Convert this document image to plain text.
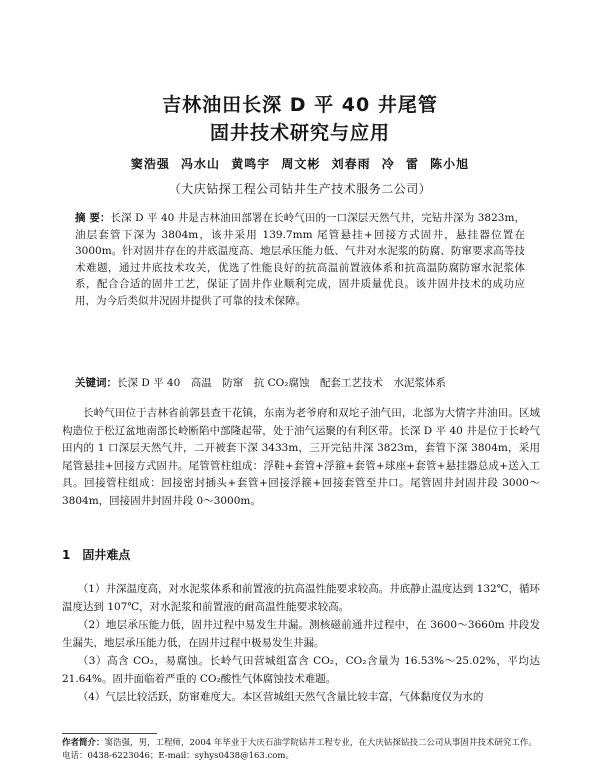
吉林油田长深 D 平 40 井尾管
固井技术研究与应用
窦浩强 冯水山 黄鸣宇 周文彬 刘春雨 冷 雷 陈小旭
（大庆钻探工程公司钻井生产技术服务二公司）
摘 要：长深 D 平 40 井是吉林油田部署在长岭气田的一口深层天然气井，完钻井深为 3823m，油层套管下深为 3804m，该井采用 139.7mm 尾管悬挂+回接方式固井，悬挂器位置在 3000m。针对固井存在的井底温度高、地层承压能力低、气井对水泥浆的防腐、防窜要求高等技术难题，通过井底技术攻关，优选了性能良好的抗高温前置液体系和抗高温防腐防窜水泥浆体系，配合合适的固井工艺，保证了固井作业顺利完成，固井质量优良。该井固井技术的成功应用，为今后类似井况固井提供了可靠的技术保障。
关键词：长深 D 平 40　高温　防窜　抗 CO₂腐蚀　配套工艺技术　水泥浆体系
长岭气田位于吉林省前郭县查干花镇，东南为老爷府和双坨子油气田，北部为大情字井油田。区域构造位于松辽盆地南部长岭断陷中部隆起带，处于油气运聚的有利区带。长深 D 平 40 井是位于长岭气田内的 1 口深层天然气井，二开被套下深 3433m，三开完钻井深 3823m，套管下深 3804m，采用尾管悬挂+回接方式固井。尾管管柱组成：浮鞋+套管+浮箍+套管+球座+套管+悬挂器总成+送入工具。回接管柱组成：回接密封插头+套管+回接浮箍+回接套管至井口。尾管固井封固井段 3000～3804m，回接固井封固井段 0～3000m。
1　固井难点

（1）井深温度高，对水泥浆体系和前置液的抗高温性能要求较高。井底静止温度达到 132℃，循环温度达到 107℃，对水泥浆和前置液的耐高温性能要求较高。

（2）地层承压能力低，固井过程中易发生井漏。测核磁前通井过程中，在 3600～3660m 井段发生漏失，地层承压能力低，在固井过程中极易发生井漏。

（3）高含 CO₂，易腐蚀。长岭气田营城组富含 CO₂，CO₂含量为 16.53%～25.02%，平均达 21.64%。固井面临着严重的 CO₂酸性气体腐蚀技术难题。

（4）气层比较活跃，防窜难度大。本区营城组天然气含量比较丰富，气体黏度仅为水的

作者简介：窦浩强，男，工程师，2004 年毕业于大庆石油学院钻井工程专业，在大庆钻探钻技二公司从事固井技术研究工作。电话：0438-6223046；E-mail：syhys0438@163.com。
